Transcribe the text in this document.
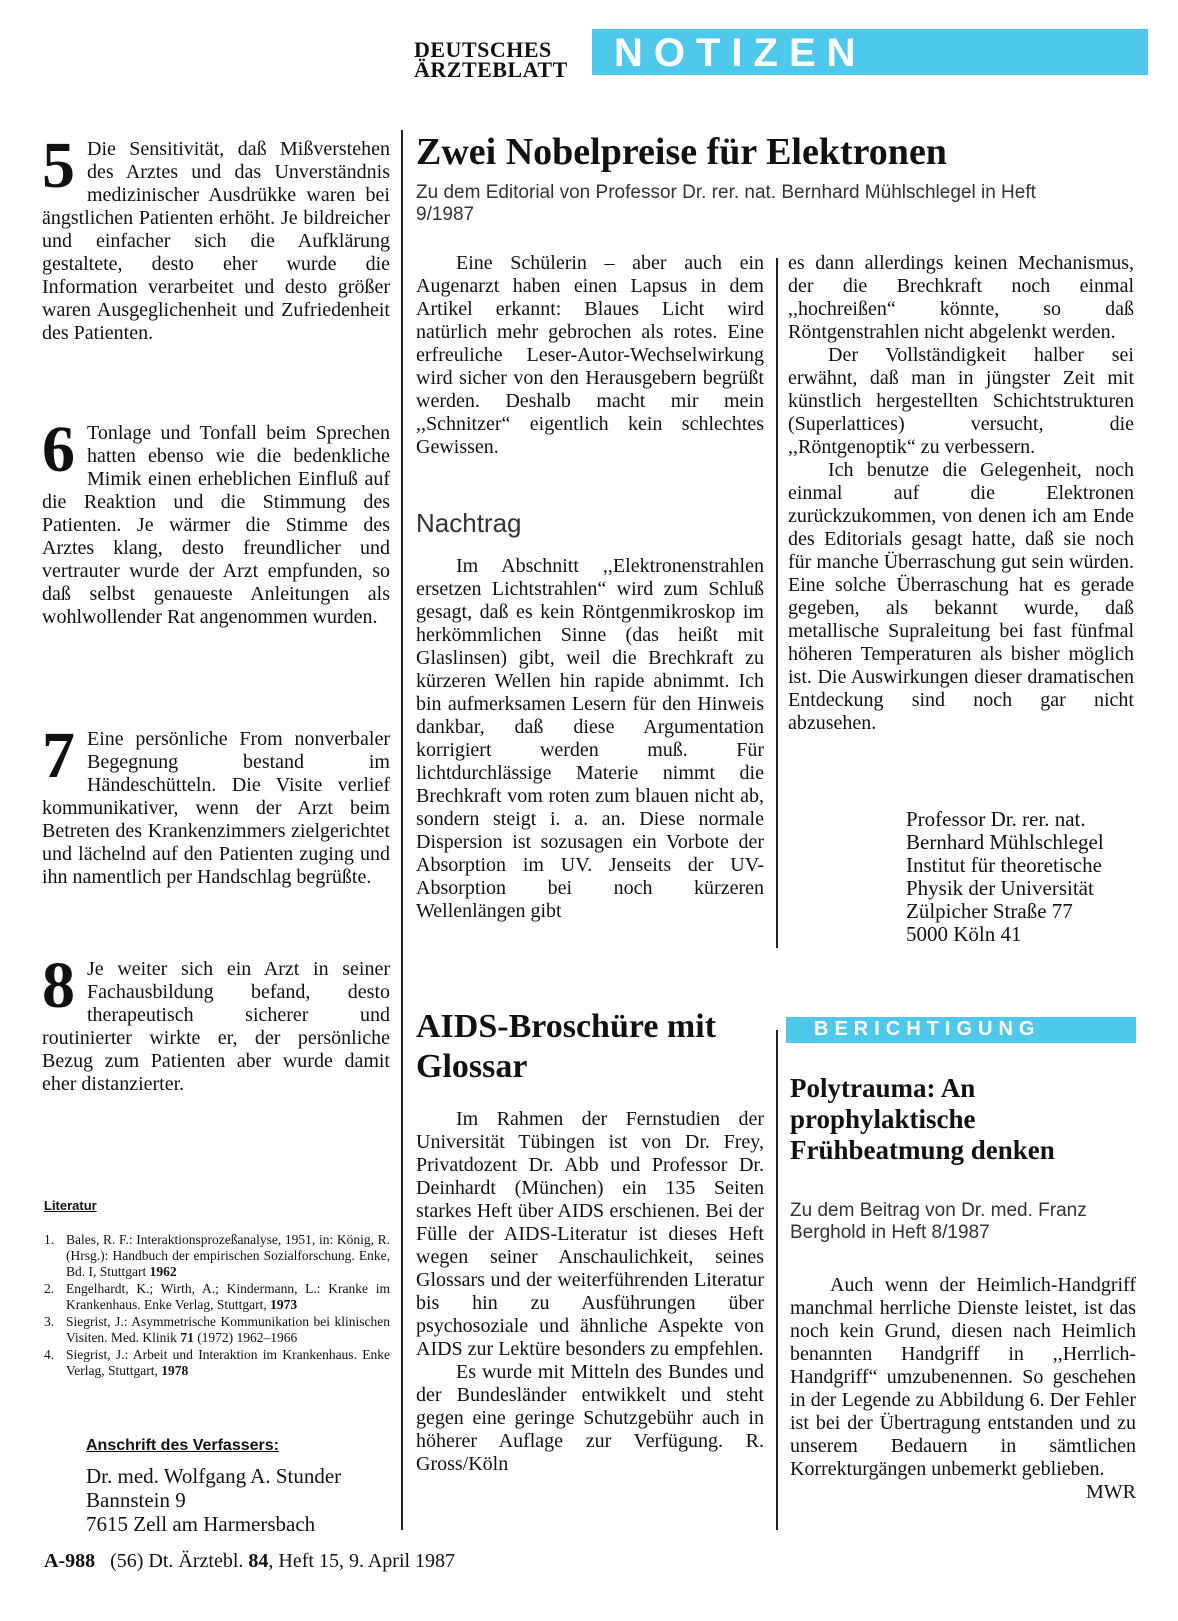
DEUTSCHES
ÄRZTEBLATT	NOTIZEN
5 Die Sensitivität, daß Mißverstehen des Arztes und das Unverständnis medizinischer Ausdrükke waren bei ängstlichen Patienten erhöht. Je bildreicher und einfacher sich die Aufklärung gestaltete, desto eher wurde die Information verarbeitet und desto größer waren Ausgeglichenheit und Zufriedenheit des Patienten.
6 Tonlage und Tonfall beim Sprechen hatten ebenso wie die bedenkliche Mimik einen erheblichen Einfluß auf die Reaktion und die Stimmung des Patienten. Je wärmer die Stimme des Arztes klang, desto freundlicher und vertrauter wurde der Arzt empfunden, so daß selbst genaueste Anleitungen als wohlwollender Rat angenommen wurden.
7 Eine persönliche From nonverbaler Begegnung bestand im Händeschütteln. Die Visite verlief kommunikativer, wenn der Arzt beim Betreten des Krankenzimmers zielgerichtet und lächelnd auf den Patienten zuging und ihn namentlich per Handschlag begrüßte.
8 Je weiter sich ein Arzt in seiner Fachausbildung befand, desto therapeutisch sicherer und routinierter wirkte er, der persönliche Bezug zum Patienten aber wurde damit eher distanzierter.
Literatur
1. Bales, R. F.: Interaktionsprozeßanalyse, 1951, in: König, R. (Hrsg.): Handbuch der empirischen Sozialforschung. Enke, Bd. I, Stuttgart 1962
2. Engelhardt, K.; Wirth, A.; Kindermann, L.: Kranke im Krankenhaus. Enke Verlag, Stuttgart, 1973
3. Siegrist, J.: Asymmetrische Kommunikation bei klinischen Visiten. Med. Klinik 71 (1972) 1962–1966
4. Siegrist, J.: Arbeit und Interaktion im Krankenhaus. Enke Verlag, Stuttgart, 1978
Anschrift des Verfassers:
Dr. med. Wolfgang A. Stunder
Bannstein 9
7615 Zell am Harmersbach
Zwei Nobelpreise für Elektronen
Zu dem Editorial von Professor Dr. rer. nat. Bernhard Mühlschlegel in Heft 9/1987

Eine Schülerin – aber auch ein Augenarzt haben einen Lapsus in dem Artikel erkannt: Blaues Licht wird natürlich mehr gebrochen als rotes. Eine erfreuliche Leser-Autor-Wechselwirkung wird sicher von den Herausgebern begrüßt werden. Deshalb macht mir mein ,,Schnitzer“ eigentlich kein schlechtes Gewissen.

Nachtrag

Im Abschnitt ,,Elektronenstrahlen ersetzen Lichtstrahlen“ wird zum Schluß gesagt, daß es kein Röntgenmikroskop im herkömmlichen Sinne (das heißt mit Glaslinsen) gibt, weil die Brechkraft zu kürzeren Wellen hin rapide abnimmt. Ich bin aufmerksamen Lesern für den Hinweis dankbar, daß diese Argumentation korrigiert werden muß. Für lichtdurchlässige Materie nimmt die Brechkraft vom roten zum blauen nicht ab, sondern steigt i. a. an. Diese normale Dispersion ist sozusagen ein Vorbote der Absorption im UV. Jenseits der UV-Absorption bei noch kürzeren Wellenlängen gibt

es dann allerdings keinen Mechanismus, der die Brechkraft noch einmal ,,hochreißen“ könnte, so daß Röntgenstrahlen nicht abgelenkt werden.

Der Vollständigkeit halber sei erwähnt, daß man in jüngster Zeit mit künstlich hergestellten Schichtstrukturen (Superlattices) versucht, die ,,Röntgenoptik“ zu verbessern.

Ich benutze die Gelegenheit, noch einmal auf die Elektronen zurückzukommen, von denen ich am Ende des Editorials gesagt hatte, daß sie noch für manche Überraschung gut sein würden. Eine solche Überraschung hat es gerade gegeben, als bekannt wurde, daß metallische Supraleitung bei fast fünfmal höheren Temperaturen als bisher möglich ist. Die Auswirkungen dieser dramatischen Entdeckung sind noch gar nicht abzusehen.

Professor Dr. rer. nat.
Bernhard Mühlschlegel
Institut für theoretische
Physik der Universität
Zülpicher Straße 77
5000 Köln 41
AIDS-Broschüre mit Glossar

Im Rahmen der Fernstudien der Universität Tübingen ist von Dr. Frey, Privatdozent Dr. Abb und Professor Dr. Deinhardt (München) ein 135 Seiten starkes Heft über AIDS erschienen. Bei der Fülle der AIDS-Literatur ist dieses Heft wegen seiner Anschaulichkeit, seines Glossars und der weiterführenden Literatur bis hin zu Ausführungen über psychosoziale und ähnliche Aspekte von AIDS zur Lektüre besonders zu empfehlen.

Es wurde mit Mitteln des Bundes und der Bundesländer entwikkelt und steht gegen eine geringe Schutzgebühr auch in höherer Auflage zur Verfügung. R. Gross/Köln

BERICHTIGUNG
Polytrauma: An prophylaktische Frühbeatmung denken
Zu dem Beitrag von Dr. med. Franz Berghold in Heft 8/1987

Auch wenn der Heimlich-Handgriff manchmal herrliche Dienste leistet, ist das noch kein Grund, diesen nach Heimlich benannten Handgriff in ,,Herrlich-Handgriff“ umzubenennen. So geschehen in der Legende zu Abbildung 6. Der Fehler ist bei der Übertragung entstanden und zu unserem Bedauern in sämtlichen Korrekturgängen unbemerkt geblieben.

MWR
A-988 (56) Dt. Ärztebl. 84, Heft 15, 9. April 1987
